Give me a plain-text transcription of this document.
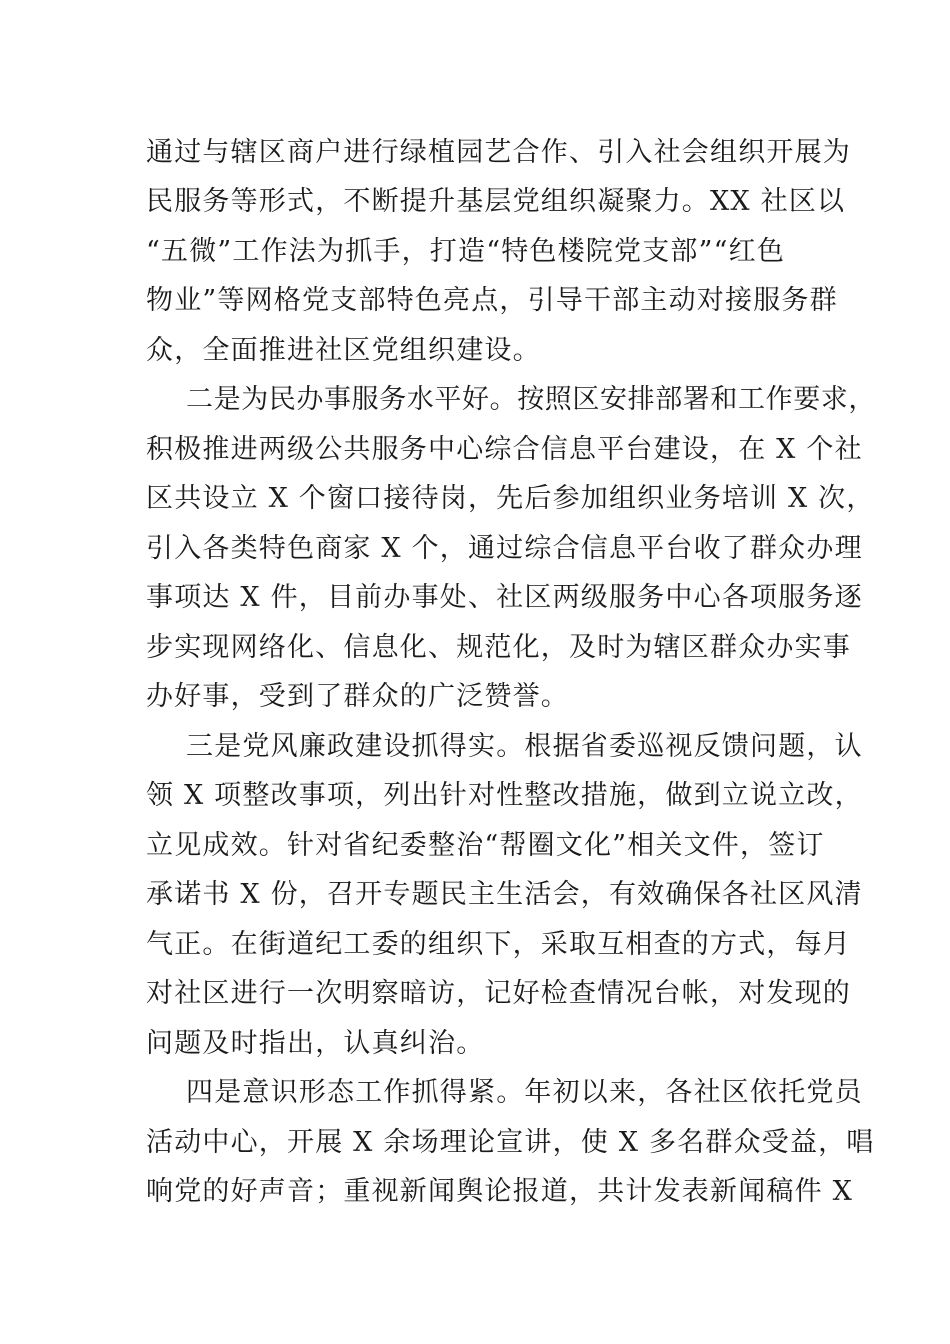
通过与辖区商户进行绿植园艺合作、引入社会组织开展为
民服务等形式，不断提升基层党组织凝聚力。XX 社区以
“五微”工作法为抓手，打造“特色楼院党支部”“红色
物业”等网格党支部特色亮点，引导干部主动对接服务群
众，全面推进社区党组织建设。
二是为民办事服务水平好。按照区安排部署和工作要求，
积极推进两级公共服务中心综合信息平台建设，在 X 个社
区共设立 X 个窗口接待岗，先后参加组织业务培训 X 次，
引入各类特色商家 X 个，通过综合信息平台收了群众办理
事项达 X 件，目前办事处、社区两级服务中心各项服务逐
步实现网络化、信息化、规范化，及时为辖区群众办实事
办好事，受到了群众的广泛赞誉。
三是党风廉政建设抓得实。根据省委巡视反馈问题，认
领 X 项整改事项，列出针对性整改措施，做到立说立改，
立见成效。针对省纪委整治“帮圈文化”相关文件，签订
承诺书 X 份，召开专题民主生活会，有效确保各社区风清
气正。在街道纪工委的组织下，采取互相查的方式，每月
对社区进行一次明察暗访，记好检查情况台帐，对发现的
问题及时指出，认真纠治。
四是意识形态工作抓得紧。年初以来，各社区依托党员
活动中心，开展 X 余场理论宣讲，使 X 多名群众受益，唱
响党的好声音；重视新闻舆论报道，共计发表新闻稿件 X
